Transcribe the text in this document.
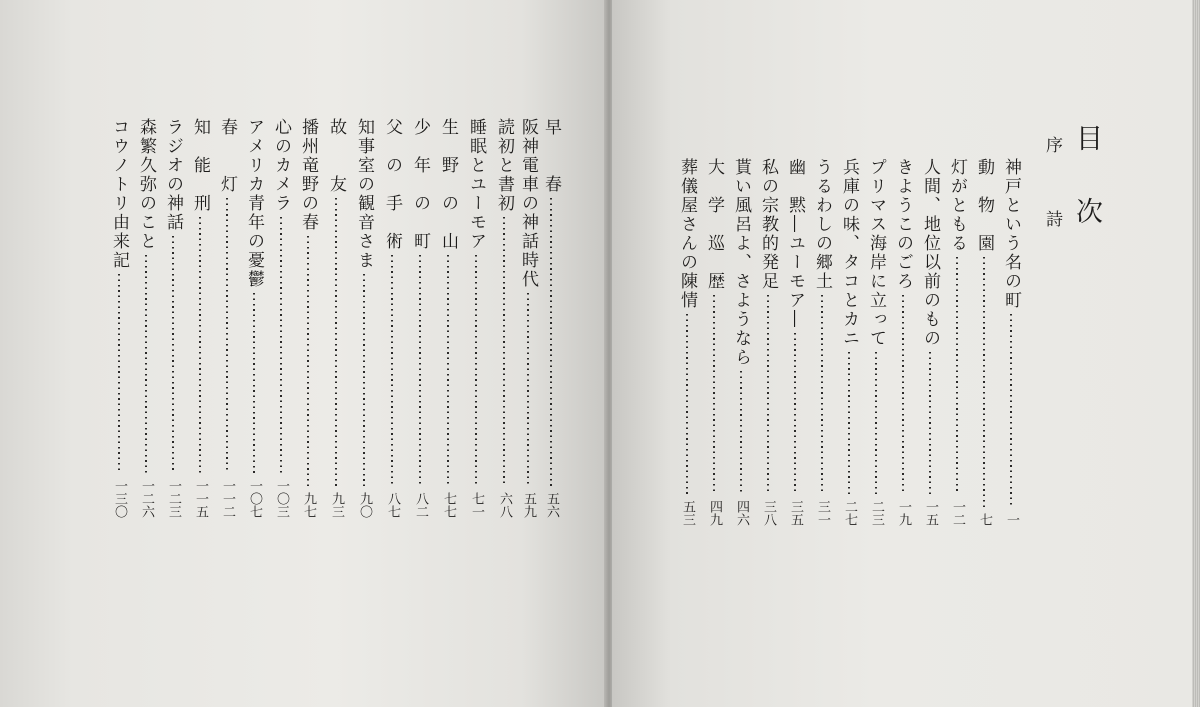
早　　春
五六
阪神電車の神話時代
五九
読初と書初
六八
睡眠とユーモア
七一
生　野　の　山
七七
少　年　の　町
八二
父　の　手　術
八七
知事室の観音さま
九〇
故　　友
九三
播州竜野の春
九七
心のカメラ
一〇三
アメリカ青年の憂鬱
一〇七
春　　灯
一一二
知　能　刑
一一五
ラジオの神話
一二三
森繁久弥のこと
一二六
コウノトリ由来記
一三〇
目次
序　詩
神戸という名の町
一
動　物　園
七
灯がともる
一二
人間、地位以前のもの
一五
きようこのごろ
一九
プリマス海岸に立って
二三
兵庫の味、タコとカニ
二七
うるわしの郷土
三一
幽　黙―ユーモア―
三五
私の宗教的発足
三八
貰い風呂よ、さようなら
四六
大　学　巡　歴
四九
葬儀屋さんの陳情
五三
